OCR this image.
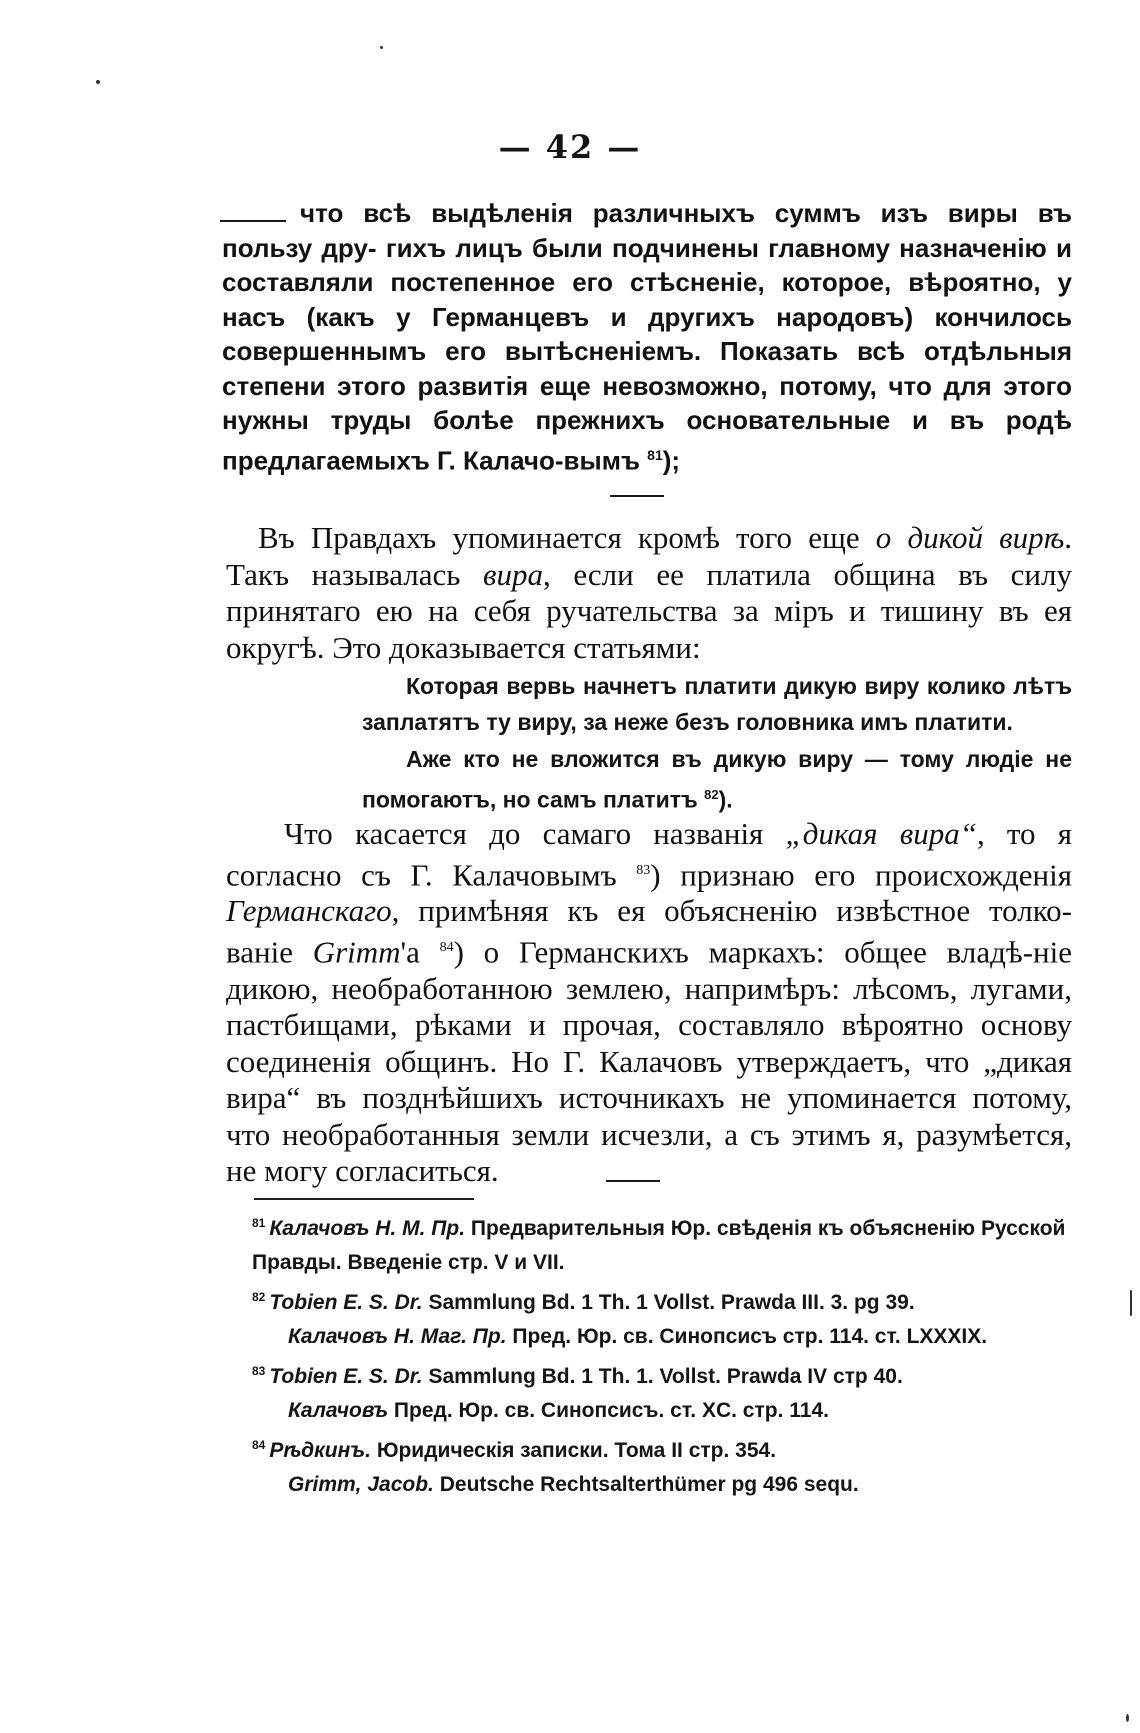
— 42 —

что всѣ выдѣленія различныхъ суммъ изъ виры въ пользу дру- гихъ лицъ были подчинены главному назначенію и составляли постепенное его стѣсненіе, которое, вѣроятно, у насъ (какъ у Германцевъ и другихъ народовъ) кончилось совершеннымъ его вытѣсненіемъ. Показать всѣ отдѣльныя степени этого развитія еще невозможно, потому, что для этого нужны труды болѣе прежнихъ основательные и въ родѣ предлагаемыхъ Г. Калачо-вымъ $^{81}$);

Въ Правдахъ упоминается кромѣ того еще о дикой вирѣ. Такъ называлась вира, если ее платила община въ силу принятаго ею на себя ручательства за міръ и тишину въ ея округѣ. Это доказывается статьями:

Которая вервь начнетъ платити дикую виру колико лѣтъ заплатятъ ту виру, за неже безъ головника имъ платити.

Аже кто не вложится въ дикую виру — тому людіе не помогаютъ, но самъ платитъ $^{82}$).

Что касается до самаго названія „дикая вира“, то я согласно съ Г. Калачовымъ $^{83}$) признаю его происхожденія Германскаго, примѣняя къ ея объясненію извѣстное толко-ваніе Grimm'а $^{84}$) о Германскихъ маркахъ: общее владѣ-ніе дикою, необработанною землею, напримѣръ: лѣсомъ, лугами, пастбищами, рѣками и прочая, составляло вѣроятно основу соединенія общинъ. Но Г. Калачовъ утверждаетъ, что „дикая вира“ въ позднѣйшихъ источникахъ не упоминается потому, что необработанныя земли исчезли, а съ этимъ я, разумѣется, не могу согласиться.

$^{81}$ Калачовъ Н. М. Пр. Предварительныя Юр. свѣденія къ объясненію Русской Правды. Введеніе стр. V и VII.

$^{82}$ Tobien E. S. Dr. Sammlung Bd. 1 Th. 1 Vollst. Prawda III. 3. pg 39.
Калачовъ Н. Маг. Пр. Пред. Юр. св. Синопсисъ стр. 114. ст. LXXXIX.

$^{83}$ Tobien E. S. Dr. Sammlung Bd. 1 Th. 1. Vollst. Prawda IV стр 40.
Калачовъ Пред. Юр. св. Синопсисъ. ст. XC. стр. 114.

$^{84}$ Рѣдкинъ. Юридическія записки. Тома II стр. 354.
Grimm, Jacob. Deutsche Rechtsalterthümer pg 496 sequ.
